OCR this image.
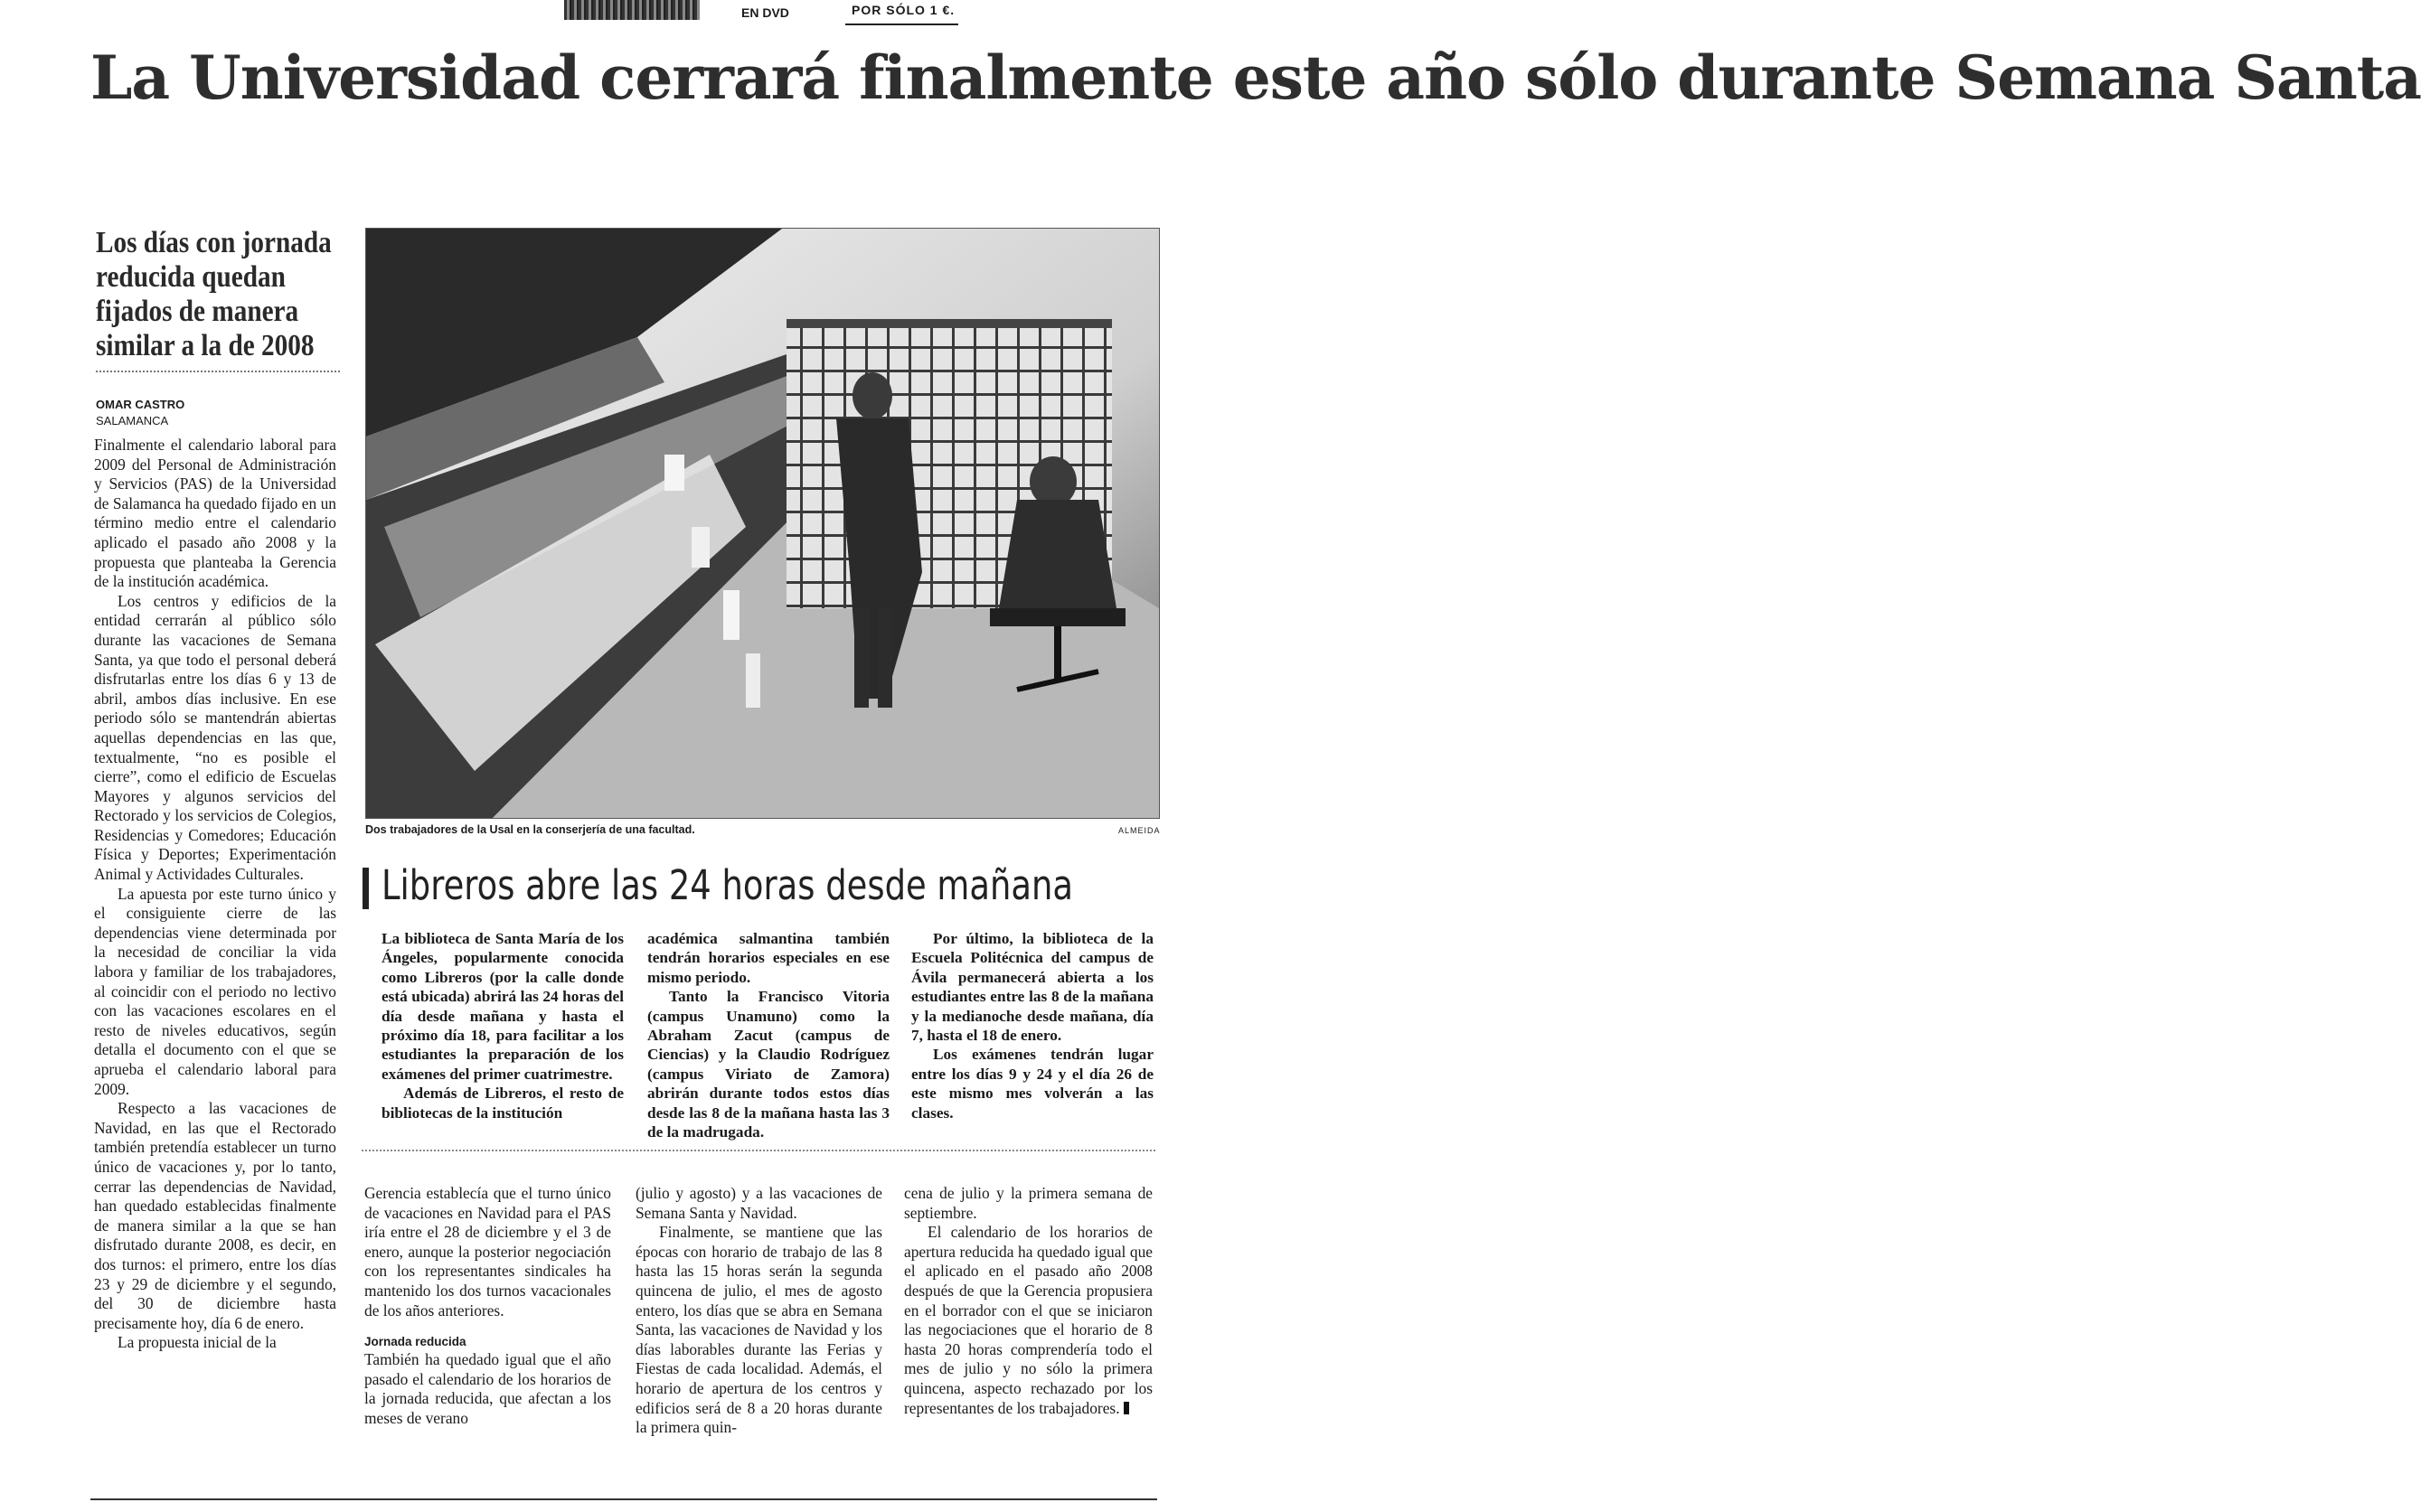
EN DVD	POR SÓLO 1 €.
La Universidad cerrará finalmente este año sólo durante Semana Santa
Los días con jornada reducida quedan fijados de manera similar a la de 2008
OMAR CASTRO
SALAMANCA

Finalmente el calendario laboral para 2009 del Personal de Administración y Servicios (PAS) de la Universidad de Salamanca ha quedado fijado en un término medio entre el calendario aplicado el pasado año 2008 y la propuesta que planteaba la Gerencia de la institución académica.

Los centros y edificios de la entidad cerrarán al público sólo durante las vacaciones de Semana Santa, ya que todo el personal deberá disfrutarlas entre los días 6 y 13 de abril, ambos días inclusive. En ese periodo sólo se mantendrán abiertas aquellas dependencias en las que, textualmente, “no es posible el cierre”, como el edificio de Escuelas Mayores y algunos servicios del Rectorado y los servicios de Colegios, Residencias y Comedores; Educación Física y Deportes; Experimentación Animal y Actividades Culturales.

La apuesta por este turno único y el consiguiente cierre de las dependencias viene determinada por la necesidad de conciliar la vida labora y familiar de los trabajadores, al coincidir con el periodo no lectivo con las vacaciones escolares en el resto de niveles educativos, según detalla el documento con el que se aprueba el calendario laboral para 2009.

Respecto a las vacaciones de Navidad, en las que el Rectorado también pretendía establecer un turno único de vacaciones y, por lo tanto, cerrar las dependencias de Navidad, han quedado establecidas finalmente de manera similar a la que se han disfrutado durante 2008, es decir, en dos turnos: el primero, entre los días 23 y 29 de diciembre y el segundo, del 30 de diciembre hasta precisamente hoy, día 6 de enero.

La propuesta inicial de la

Dos trabajadores de la Usal en la conserjería de una facultad.	ALMEIDA
Libreros abre las 24 horas desde mañana

La biblioteca de Santa María de los Ángeles, popularmente conocida como Libreros (por la calle donde está ubicada) abrirá las 24 horas del día desde mañana y hasta el próximo día 18, para facilitar a los estudiantes la preparación de los exámenes del primer cuatrimestre.

Además de Libreros, el resto de bibliotecas de la institución

académica salmantina también tendrán horarios especiales en ese mismo periodo.

Tanto la Francisco Vitoria (campus Unamuno) como la Abraham Zacut (campus de Ciencias) y la Claudio Rodríguez (campus Viriato de Zamora) abrirán durante todos estos días desde las 8 de la mañana hasta las 3 de la madrugada.

Por último, la biblioteca de la Escuela Politécnica del campus de Ávila permanecerá abierta a los estudiantes entre las 8 de la mañana y la medianoche desde mañana, día 7, hasta el 18 de enero.

Los exámenes tendrán lugar entre los días 9 y 24 y el día 26 de este mismo mes volverán a las clases.

Gerencia establecía que el turno único de vacaciones en Navidad para el PAS iría entre el 28 de diciembre y el 3 de enero, aunque la posterior negociación con los representantes sindicales ha mantenido los dos turnos vacacionales de los años anteriores.

Jornada reducida

También ha quedado igual que el año pasado el calendario de los horarios de la jornada reducida, que afectan a los meses de verano

(julio y agosto) y a las vacaciones de Semana Santa y Navidad.

Finalmente, se mantiene que las épocas con horario de trabajo de las 8 hasta las 15 horas serán la segunda quincena de julio, el mes de agosto entero, los días que se abra en Semana Santa, las vacaciones de Navidad y los días laborables durante las Ferias y Fiestas de cada localidad. Además, el horario de apertura de los centros y edificios será de 8 a 20 horas durante la primera quin-

cena de julio y la primera semana de septiembre.

El calendario de los horarios de apertura reducida ha quedado igual que el aplicado en el pasado año 2008 después de que la Gerencia propusiera en el borrador con el que se iniciaron las negociaciones que el horario de 8 hasta 20 horas comprendería todo el mes de julio y no sólo la primera quincena, aspecto rechazado por los representantes de los trabajadores.
